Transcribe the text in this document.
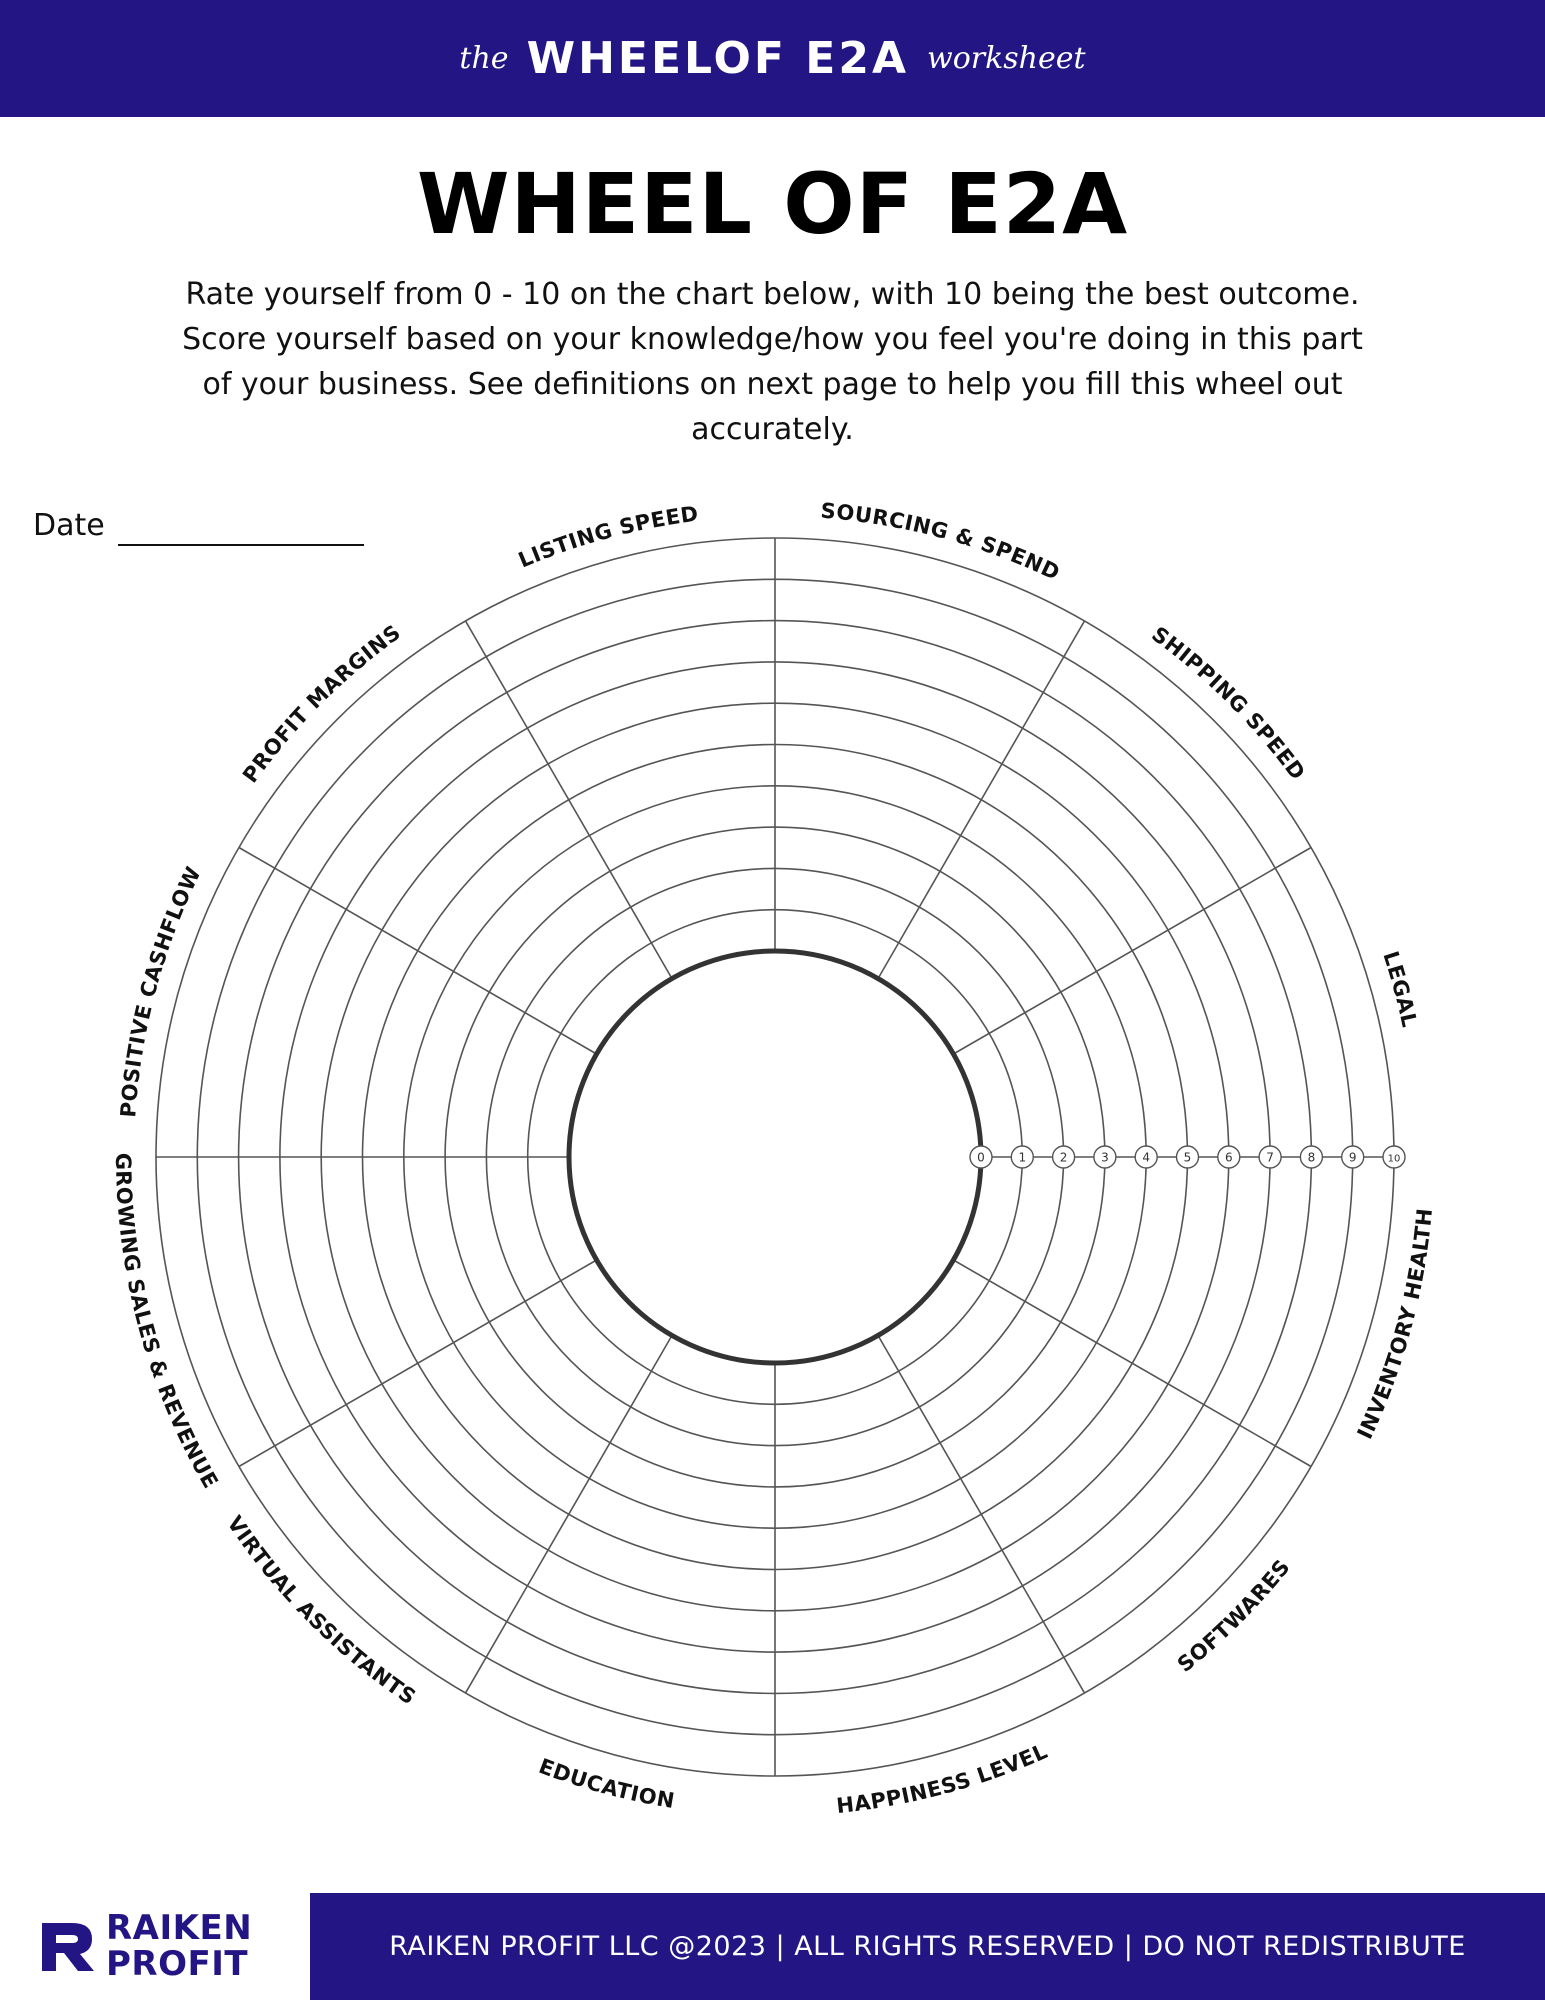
the WHEELOF E2A worksheet
WHEEL OF E2A
Rate yourself from 0 - 10 on the chart below, with 10 being the best outcome. Score yourself based on your knowledge/how you feel you're doing in this part of your business. See definitions on next page to help you fill this wheel out accurately.
Date
0	1	2	3	4	5	6	7	8	9	10
SOURCING & SPEND
SHIPPING SPEED
LEGAL
INVENTORY HEALTH
SOFTWARES
HAPPINESS LEVEL
EDUCATION
VIRTUAL ASSISTANTS
GROWING SALES & REVENUE
POSITIVE CASHFLOW
PROFIT MARGINS
LISTING SPEED
RAIKEN
PROFIT	RAIKEN PROFIT LLC @2023 | ALL RIGHTS RESERVED | DO NOT REDISTRIBUTE
